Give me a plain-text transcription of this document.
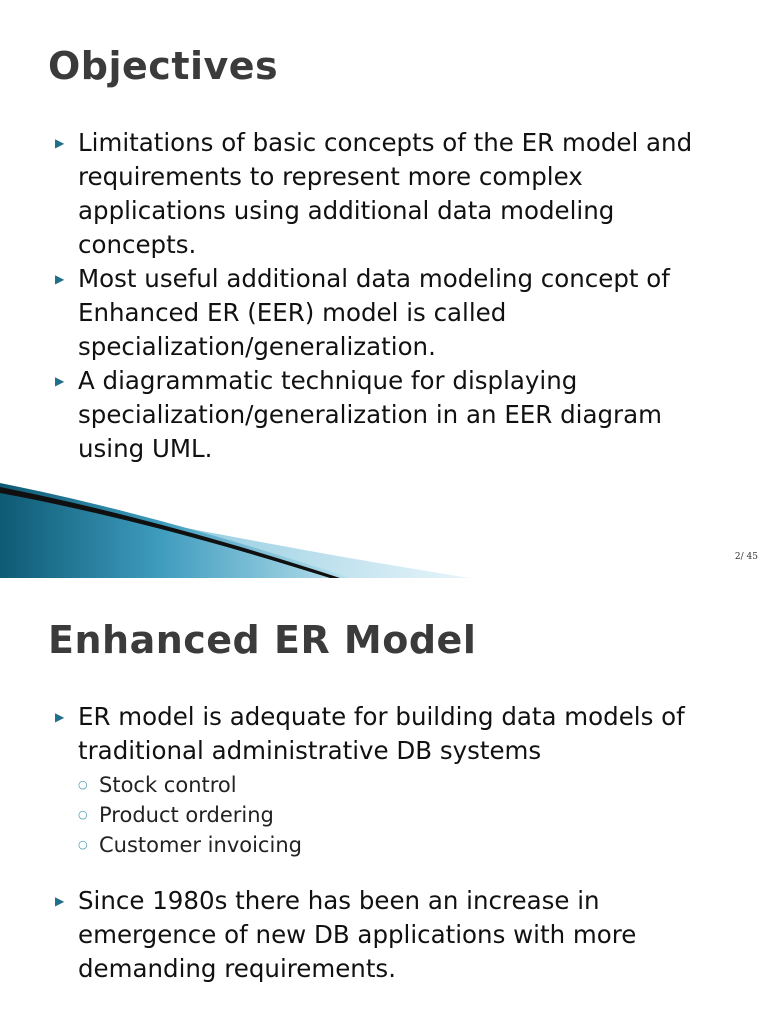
Objectives
▶ Limitations of basic concepts of the ER model and requirements to represent more complex applications using additional data modeling concepts.
▶ Most useful additional data modeling concept of Enhanced ER (EER) model is called specialization/generalization.
▶ A diagrammatic technique for displaying specialization/generalization in an EER diagram using UML.
2/ 45
Enhanced ER Model
▶ ER model is adequate for building data models of traditional administrative DB systems
○ Stock control
○ Product ordering
○ Customer invoicing
▶ Since 1980s there has been an increase in emergence of new DB applications with more demanding requirements.
